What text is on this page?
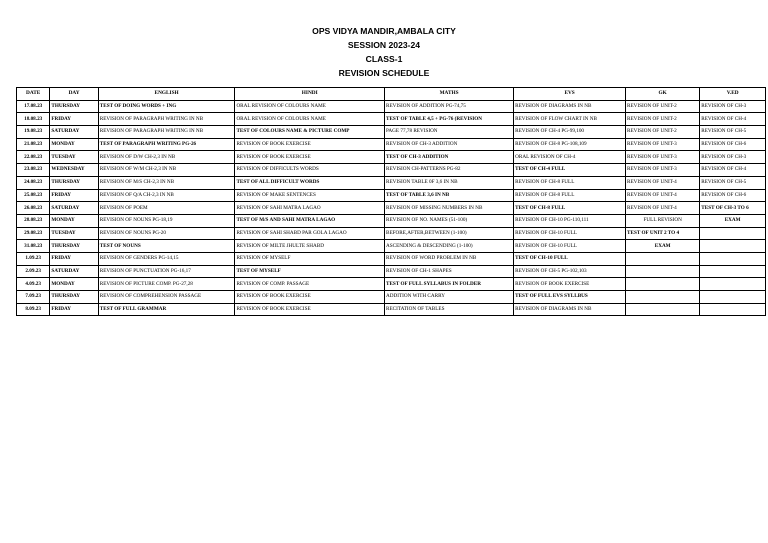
OPS VIDYA MANDIR,AMBALA CITY
SESSION 2023-24
CLASS-1
REVISION SCHEDULE
DATE	DAY	ENGLISH	HINDI	MATHS	EVS	GK	V.ED
17.08.23	THURSDAY	TEST OF DOING WORDS + ING	ORAL REVISION OF COLOURS NAME	REVISION OF ADDITION PG-74,75	REVISION OF DIAGRAMS IN NB	REVISION OF UNIT-2	REVISION OF CH-3
18.08.23	FRIDAY	REVISION OF PARAGRAPH WRITING IN NB	ORAL REVISION OF COLOURS NAME	TEST OF TABLE 4,5 + PG-76 (REVISION	REVISION OF FLOW CHART IN NB	REVISION OF UNIT-2	REVISION OF CH-4
19.08.23	SATURDAY	REVISION OF PARAGRAPH WRITING IN NB	TEST OF COLOURS NAME & PICTURE COMP	PAGE 77,78 REVISION	REVISION OF CH-4 PG-99,100	REVISION OF UNIT-2	REVISION OF CH-5
21.08.23	MONDAY	TEST OF PARAGRAPH WRITING PG-26	REVISION OF BOOK EXERCISE	REVISION OF CH-3 ADDITION	REVISION OF CH-8 PG-108,109	REVISION OF UNIT-3	REVISION OF CH-6
22.08.23	TUESDAY	REVISION OF D/W CH-2,3 IN NB	REVISION OF BOOK EXERCISE	TEST OF CH-3 ADDITION	ORAL REVISION OF CH-4	REVISION OF UNIT-3	REVISION OF CH-3
23.08.23	WEDNESDAY	REVISION OF W/M CH-2,3 IN NB	REVISION OF DIFFICULTS WORDS	REVISION CH-PATTERNS PG-82	TEST OF CH-4 FULL	REVISION OF UNIT-3	REVISION OF CH-4
24.08.23	THURSDAY	REVISION OF M/S CH-2,3 IN NB	TEST OF ALL DIFFICULT WORDS	REVISION TABLE 0F 3,6 IN NB	REVISION OF CH-8 FULL	REVISION OF UNIT-4	REVISION OF CH-5
25.08.23	FRIDAY	REVISION OF Q/A CH-2,3 IN NB	REVISION OF MAKE SENTENCES	TEST OF TABLE 3,6 IN NB	REVISION OF CH-8 FULL	REVISION OF UNIT-4	REVISION OF CH-6
26.08.23	SATURDAY	REVISION OF POEM	REVISION OF SAHI MATRA LAGAO	REVISION OF MISSING NUMBERS IN NB	TEST OF CH-8 FULL	REVISION OF UNIT-4	TEST OF CH-3 TO 6
28.08.23	MONDAY	REVISION OF NOUNS PG-18,19	TEST OF M/S AND SAHI MATRA LAGAO	REVISION OF NO. NAMES (51-100)	REVISION OF CH-10 PG-110,111	FULL REVISION	EXAM
29.08.23	TUESDAY	REVISION OF NOUNS PG-20	REVISION OF SAHI SHABD PAR GOLA LAGAO	BEFORE,AFTER,BETWEEN (1-100)	REVISION OF CH-10 FULL	TEST OF UNIT 2 TO 4	
31.08.23	THURSDAY	TEST OF NOUNS	REVISION OF MILTE JHULTE SHABD	ASCENDING & DESCENDING (1-100)	REVISION OF CH-10 FULL	EXAM	
1.09.23	FRIDAY	REVISION OF GENDERS PG-14,15	REVISION OF MYSELF	REVISION OF WORD PROBLEM IN NB	TEST OF CH-10 FULL		
2.09.23	SATURDAY	REVISION OF PUNCTUATION PG-16,17	TEST OF MYSELF	REVISION OF CH-1 SHAPES	REVISION OF CH-5 PG-102,103		
4.09.23	MONDAY	REVISION OF PICTURE COMP. PG-27,28	REVISION OF COMP. PASSAGE	TEST OF FULL SYLLABUS IN FOLDER	REVISION OF BOOK EXERCISE		
7.09.23	THURSDAY	REVISION OF COMPREHENSION PASSAGE	REVISION OF BOOK EXERCISE	ADDITION WITH CARRY	TEST OF FULL EVS SYLLBUS		
8.09.23	FRIDAY	TEST OF FULL GRAMMAR	REVISION OF BOOK EXERCISE	RECITATION OF TABLES	REVISION OF DIAGRAMS IN NB		
